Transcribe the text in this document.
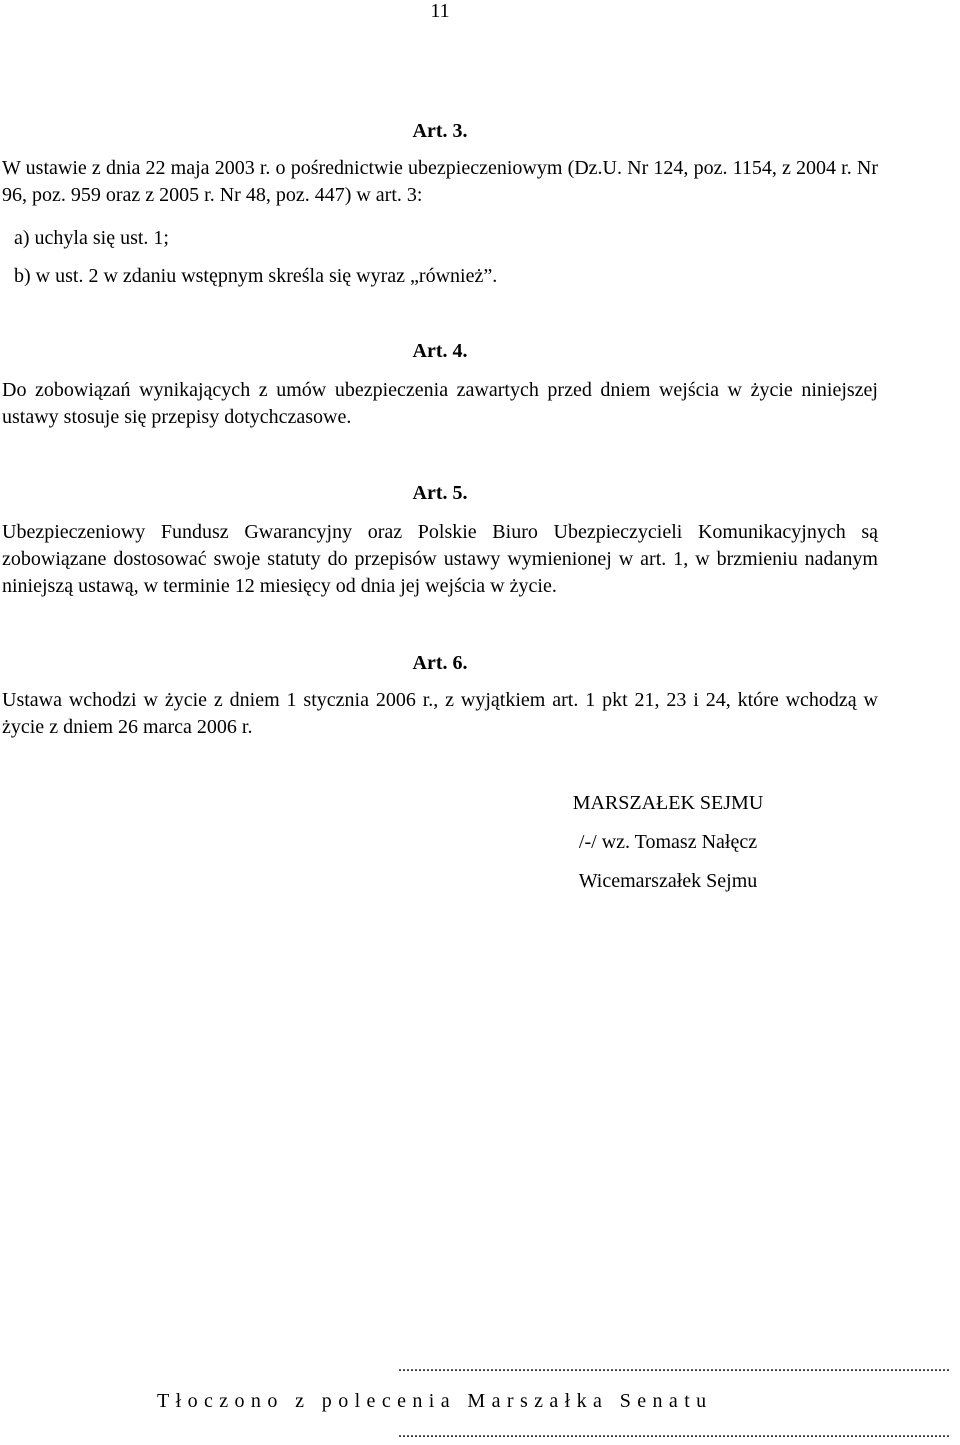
11
Art. 3.
W ustawie z dnia 22 maja 2003 r. o pośrednictwie ubezpieczeniowym (Dz.U. Nr 124, poz. 1154, z 2004 r. Nr 96, poz. 959 oraz z 2005 r. Nr 48, poz. 447) w art. 3:
a) uchyla się ust. 1;
b) w ust. 2 w zdaniu wstępnym skreśla się wyraz „również”.
Art. 4.
Do zobowiązań wynikających z umów ubezpieczenia zawartych przed dniem wejścia w życie niniejszej ustawy stosuje się przepisy dotychczasowe.
Art. 5.
Ubezpieczeniowy Fundusz Gwarancyjny oraz Polskie Biuro Ubezpieczycieli Komunikacyjnych są zobowiązane dostosować swoje statuty do przepisów ustawy wymienionej w art. 1, w brzmieniu nadanym niniejszą ustawą, w terminie 12 miesięcy od dnia jej wejścia w życie.
Art. 6.
Ustawa wchodzi w życie z dniem 1 stycznia 2006 r., z wyjątkiem art. 1 pkt 21, 23 i 24, które wchodzą w życie z dniem 26 marca 2006 r.
MARSZAŁEK SEJMU
/-/ wz. Tomasz Nałęcz
Wicemarszałek Sejmu
..........................................................................................................................................
Tłoczono z polecenia Marszałka Senatu
..........................................................................................................................................
